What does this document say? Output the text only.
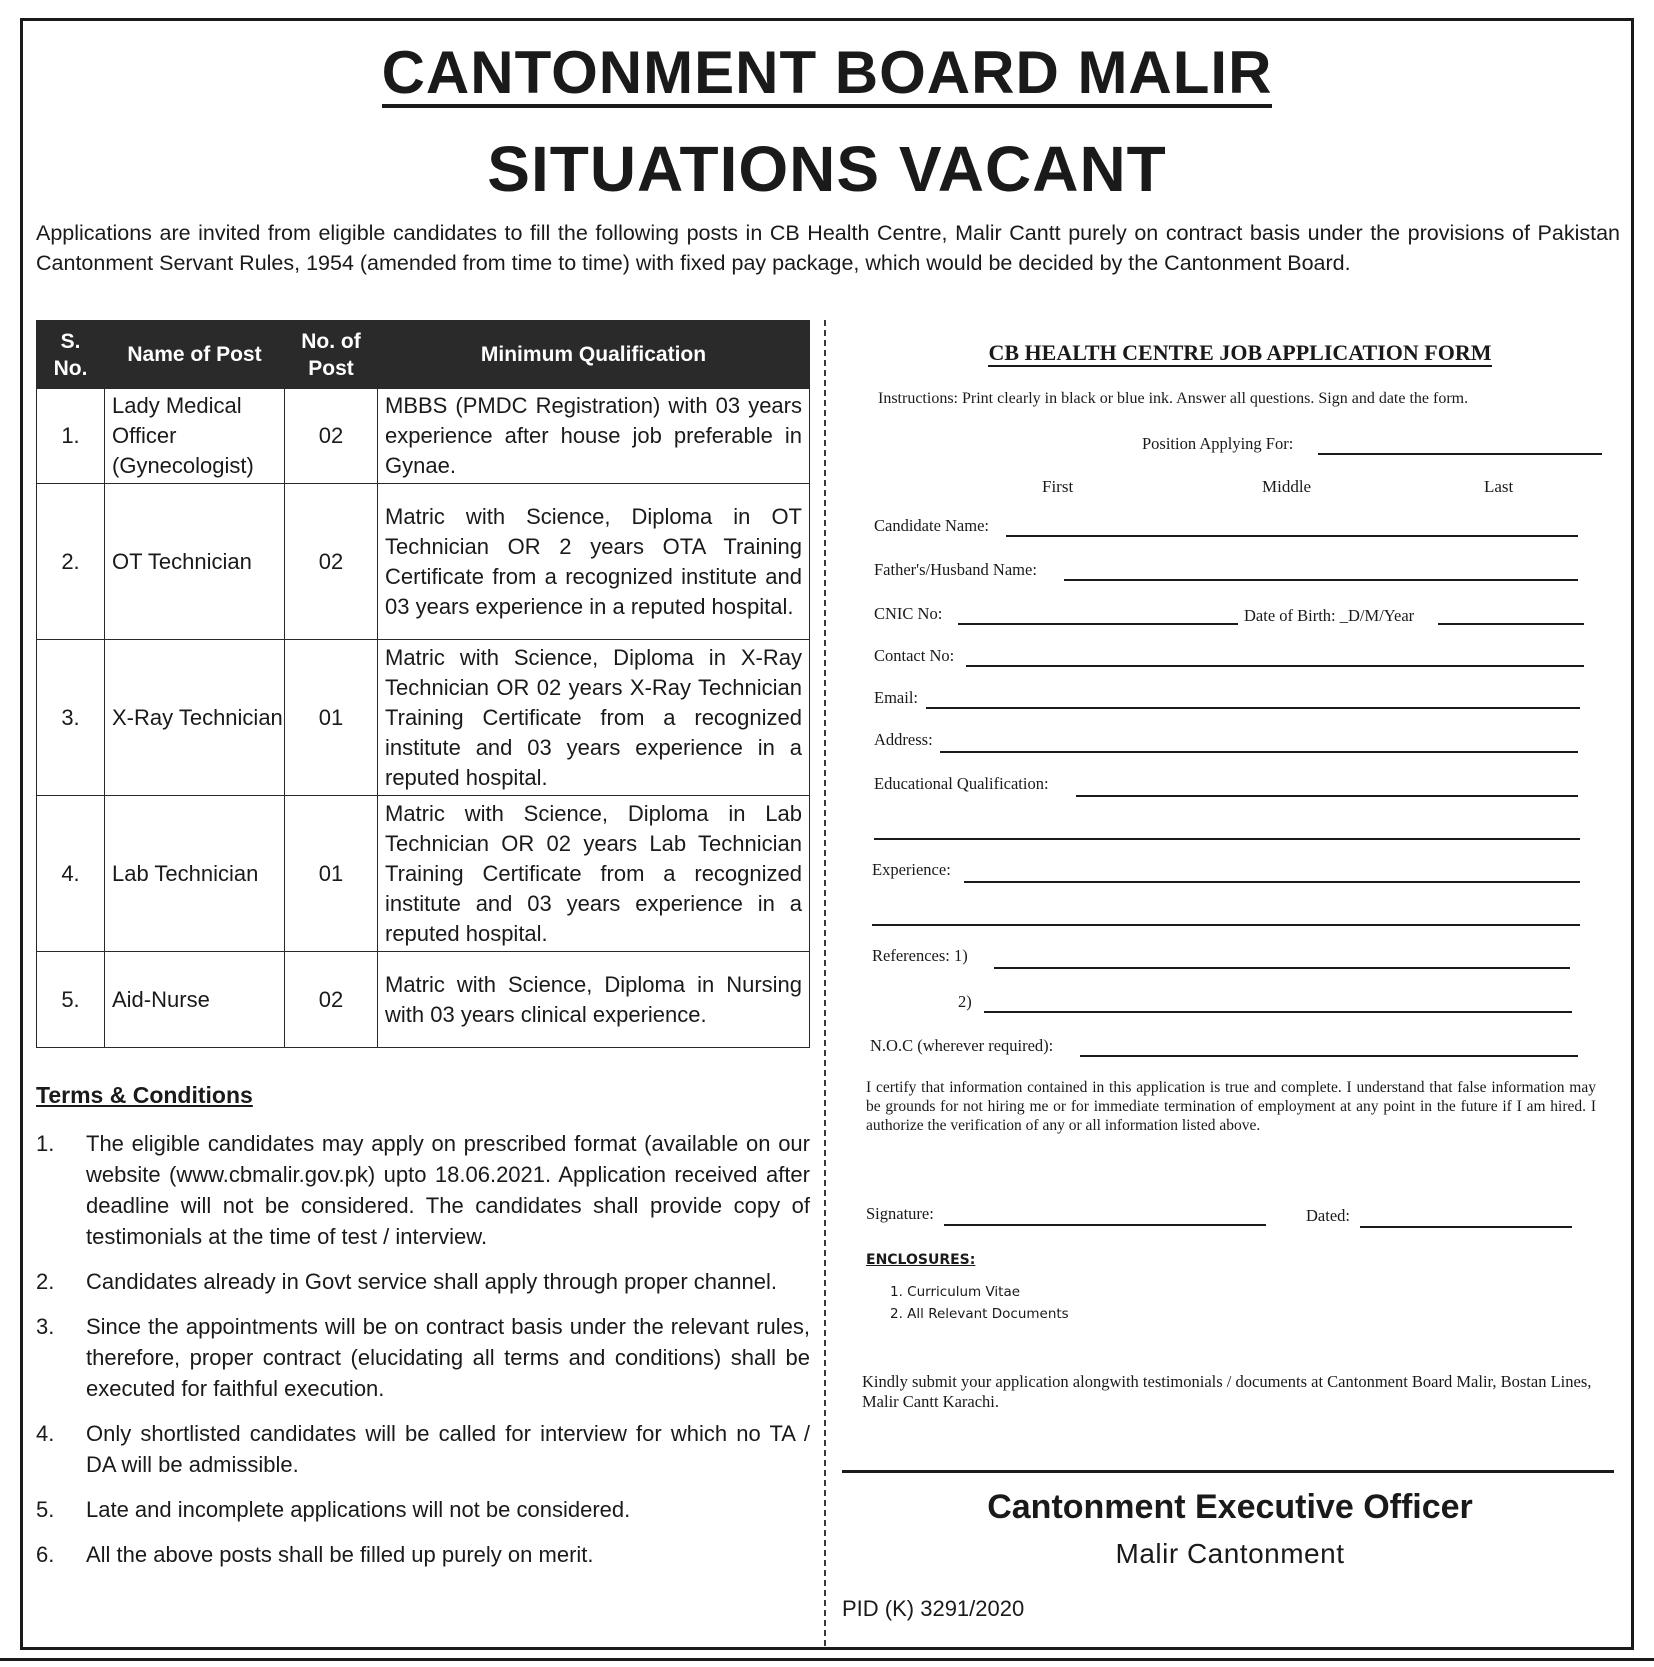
CANTONMENT BOARD MALIR
SITUATIONS VACANT
Applications are invited from eligible candidates to fill the following posts in CB Health Centre, Malir Cantt purely on contract basis under the provisions of Pakistan Cantonment Servant Rules, 1954 (amended from time to time) with fixed pay package, which would be decided by the Cantonment Board.
S. No.	Name of Post	No. of Post	Minimum Qualification
1.	Lady Medical Officer (Gynecologist)	02	MBBS (PMDC Registration) with 03 years experience after house job preferable in Gynae.
2.	OT Technician	02	Matric with Science, Diploma in OT Technician OR 2 years OTA Training Certificate from a recognized institute and 03 years experience in a reputed hospital.
3.	X-Ray Technician	01	Matric with Science, Diploma in X-Ray Technician OR 02 years X-Ray Technician Training Certificate from a recognized institute and 03 years experience in a reputed hospital.
4.	Lab Technician	01	Matric with Science, Diploma in Lab Technician OR 02 years Lab Technician Training Certificate from a recognized institute and 03 years experience in a reputed hospital.
5.	Aid-Nurse	02	Matric with Science, Diploma in Nursing with 03 years clinical experience.
Terms & Conditions
1.	The eligible candidates may apply on prescribed format (available on our website (www.cbmalir.gov.pk) upto 18.06.2021. Application received after deadline will not be considered. The candidates shall provide copy of testimonials at the time of test / interview.
2.	Candidates already in Govt service shall apply through proper channel.
3.	Since the appointments will be on contract basis under the relevant rules, therefore, proper contract (elucidating all terms and conditions) shall be executed for faithful execution.
4.	Only shortlisted candidates will be called for interview for which no TA / DA will be admissible.
5.	Late and incomplete applications will not be considered.
6.	All the above posts shall be filled up purely on merit.
CB HEALTH CENTRE JOB APPLICATION FORM
Instructions: Print clearly in black or blue ink. Answer all questions. Sign and date the form.
Position Applying For:
First	Middle	Last
Candidate Name:
Father's/Husband Name:
CNIC No:	Date of Birth: _D/M/Year
Contact No:
Email:
Address:
Educational Qualification:
Experience:
References: 1)
2)
N.O.C (wherever required):
I certify that information contained in this application is true and complete. I understand that false information may be grounds for not hiring me or for immediate termination of employment at any point in the future if I am hired. I authorize the verification of any or all information listed above.
Signature:	Dated:
ENCLOSURES:
1. Curriculum Vitae
2. All Relevant Documents
Kindly submit your application alongwith testimonials / documents at Cantonment Board Malir, Bostan Lines, Malir Cantt Karachi.
Cantonment Executive Officer
Malir Cantonment
PID (K) 3291/2020
